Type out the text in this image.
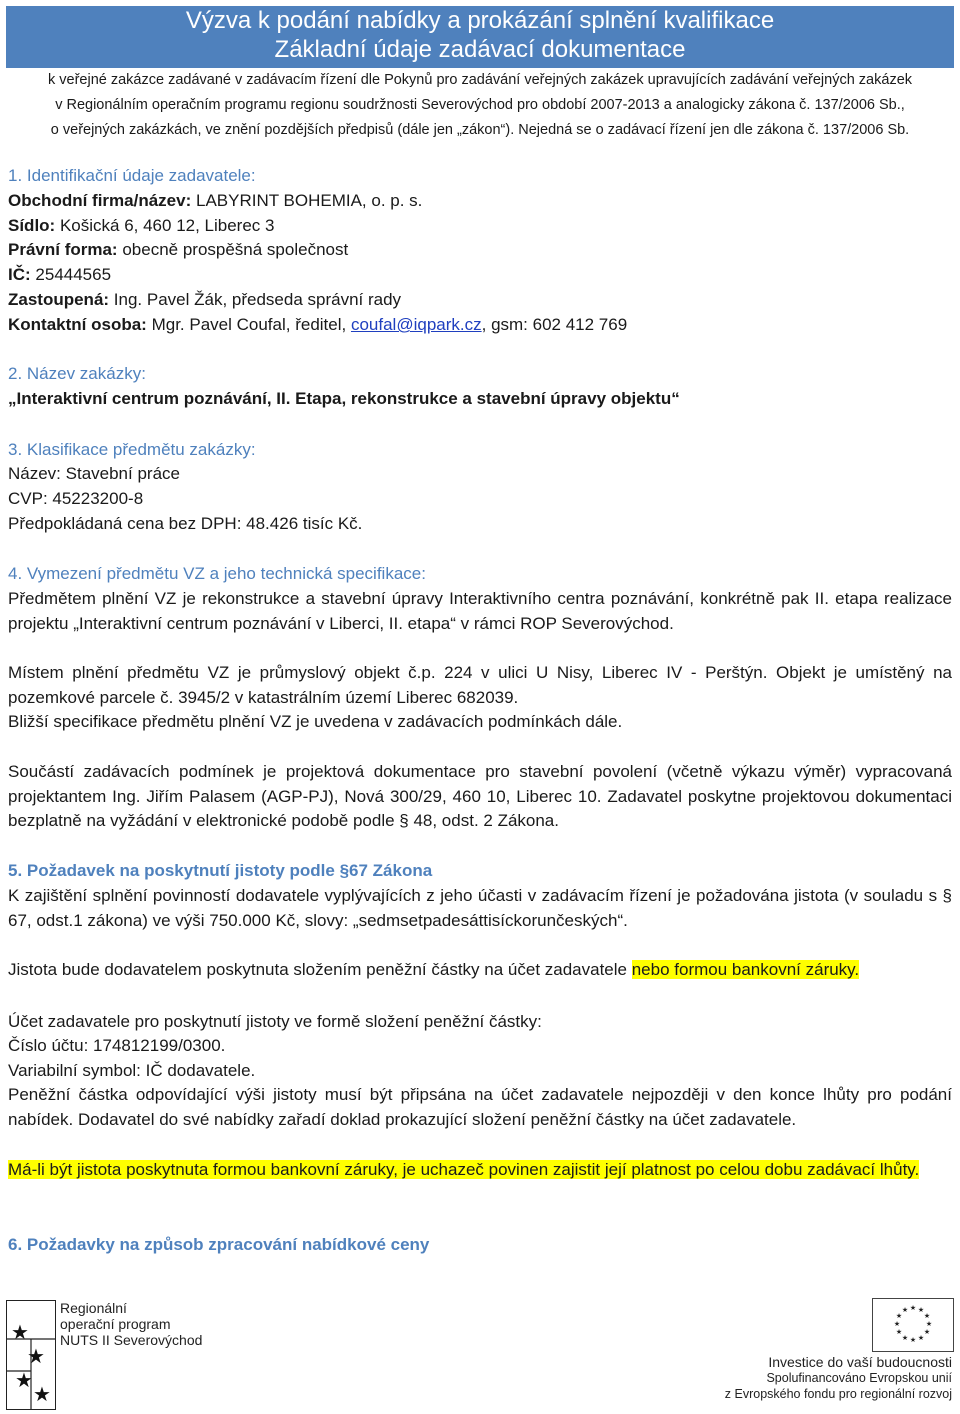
Výzva k podání nabídky a prokázání splnění kvalifikace
Základní údaje zadávací dokumentace
k veřejné zakázce zadávané v zadávacím řízení dle Pokynů pro zadávání veřejných zakázek upravujících zadávání veřejných zakázek
v Regionálním operačním programu regionu soudržnosti Severovýchod pro období 2007-2013 a analogicky zákona č. 137/2006 Sb.,
o veřejných zakázkách, ve znění pozdějších předpisů (dále jen „zákon“). Nejedná se o zadávací řízení jen dle zákona č. 137/2006 Sb.
1. Identifikační údaje zadavatele:
Obchodní firma/název: LABYRINT BOHEMIA, o. p. s.
Sídlo: Košická 6, 460 12, Liberec 3
Právní forma: obecně prospěšná společnost
IČ: 25444565
Zastoupená: Ing. Pavel Žák, předseda správní rady
Kontaktní osoba: Mgr. Pavel Coufal, ředitel, coufal@iqpark.cz, gsm: 602 412 769
2. Název zakázky:
„Interaktivní centrum poznávání, II. Etapa, rekonstrukce a stavební úpravy objektu“
3. Klasifikace předmětu zakázky:
Název: Stavební práce
CVP: 45223200-8
Předpokládaná cena bez DPH: 48.426 tisíc Kč.
4. Vymezení předmětu VZ a jeho technická specifikace:
Předmětem plnění VZ je rekonstrukce a stavební úpravy Interaktivního centra poznávání, konkrétně pak II. etapa realizace projektu „Interaktivní centrum poznávání v Liberci, II. etapa“ v rámci ROP Severovýchod.
Místem plnění předmětu VZ je průmyslový objekt č.p. 224 v ulici U Nisy, Liberec IV - Perštýn. Objekt je umístěný na pozemkové parcele č. 3945/2 v katastrálním území Liberec 682039.
Bližší specifikace předmětu plnění VZ je uvedena v zadávacích podmínkách dále.
Součástí zadávacích podmínek je projektová dokumentace pro stavební povolení (včetně výkazu výměr) vypracovaná projektantem Ing. Jiřím Palasem (AGP-PJ), Nová 300/29, 460 10, Liberec 10. Zadavatel poskytne projektovou dokumentaci bezplatně na vyžádání v elektronické podobě podle § 48, odst. 2 Zákona.
5. Požadavek na poskytnutí jistoty podle §67 Zákona
K zajištění splnění povinností dodavatele vyplývajících z jeho účasti v zadávacím řízení je požadována jistota (v souladu s § 67, odst.1 zákona) ve výši 750.000 Kč, slovy: „sedmsetpadesáttisíckorunčeských“.
Jistota bude dodavatelem poskytnuta složením peněžní částky na účet zadavatele nebo formou bankovní záruky.
Účet zadavatele pro poskytnutí jistoty ve formě složení peněžní částky:
Číslo účtu: 174812199/0300.
Variabilní symbol: IČ dodavatele.
Peněžní částka odpovídající výši jistoty musí být připsána na účet zadavatele nejpozději v den konce lhůty pro podání nabídek. Dodavatel do své nabídky zařadí doklad prokazující složení peněžní částky na účet zadavatele.
Má-li být jistota poskytnuta formou bankovní záruky, je uchazeč povinen zajistit její platnost po celou dobu zadávací lhůty.
6. Požadavky na způsob zpracování nabídkové ceny
★
★
★
★
Regionální
operační program
NUTS II Severovýchod
★ ★
★
★
★
★
★
★
★
★
★
★
Investice do vaší budoucnosti
Spolufinancováno Evropskou unií
z Evropského fondu pro regionální rozvoj
